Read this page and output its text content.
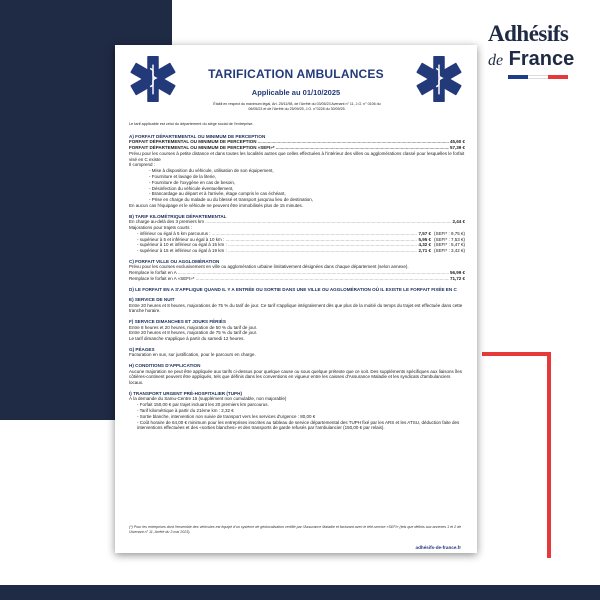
Adhésifs
de France
TARIFICATION AMBULANCES
Applicable au 01/10/2025
Établi en respect du maximum légal, Art. 25/11/98, de l'Arrêté du 03/05/23 Avenant n° 11, J.O. n° 0106 du 06/05/23 et de l'Arrêté du 25/09/25, J.O. n°0228 du 30/09/25.
Le tarif applicable est celui du département du siège social de l'entreprise.
A) FORFAIT DÉPARTEMENTAL OU MINIMUM DE PERCEPTION
FORFAIT DÉPARTEMENTAL OU MINIMUM DE PERCEPTION .....	45,60 €
FORFAIT DÉPARTEMENTAL OU MINIMUM DE PERCEPTION «SEFI»* .....	57,39 €

Prévu pour les courses à petite distance et dans toutes les localités autres que celles effectuées à l'intérieur des villes ou agglomérations classé pour lesquelles le forfait visé en C existe

Il comprend :

- Mise à disposition du véhicule, utilisation de son équipement,
- Fourniture et lavage de la literie,
- Fourniture de l'oxygène en cas de besoin,
- Désinfection du véhicule éventuellement,
- Brancardage au départ et à l'arrivée, étage compris le cas échéant,
- Prise en charge du malade ou du blessé et transport jusqu'au lieu de destination,

En aucun cas l'équipage et le véhicule ne peuvent être immobilisés plus de 15 minutes.

B) TARIF KILOMÉTRIQUE DÉPARTEMENTAL
En charge au-delà des 3 premiers km .....	2,44 €

Majorations pour trajets courts :

- inférieur ou égal à 5 km parcourus : .....	7,57 € (SEFI* : 9,75 €)
- supérieur à 5 et inférieur ou égal à 10 km : .....	5,95 € (SEFI* : 7,53 €)
- supérieur à 10 et inférieur ou égal à 15 km : .....	4,32 € (SEFI* : 5,47 €)
- supérieur à 15 et inférieur ou égal à 19 km : .....	2,71 € (SEFI* : 3,42 €)
C) FORFAIT VILLE OU AGGLOMÉRATION

Prévu pour les courses exclusivement en ville ou agglomération urbaine limitativement désignées dans chaque département (selon annexe).

Remplace le forfait en A .....	56,99 €
Remplace le forfait en A «SEFI»* .....	71,72 €
D) LE FORFAIT EN A S'APPLIQUE QUAND IL Y A ENTRÉE OU SORTIE DANS UNE VILLE OU AGGLOMÉRATION OÙ IL EXISTE LE FORFAIT FIXÉE EN C
E) SERVICE DE NUIT

Entre 20 heures et 8 heures, majorations de 75 % du tarif de jour. Ce tarif s'applique intégralement dès que plus de la moitié du temps du trajet est effectuée dans cette tranche horaire.

F) SERVICE DIMANCHES ET JOURS FÉRIÉS

Entre 8 heures et 20 heures, majoration de 50 % du tarif de jour.

Entre 20 heures et 8 heures, majoration de 75 % du tarif de jour.

Le tarif dimanche s'applique à partir du samedi 12 heures.

G) PÉAGES

Facturation en sus, sur justification, pour le parcours en charge.

H) CONDITIONS D'APPLICATION

Aucune majoration ne peut être appliquée aux tarifs ci-dessus pour quelque cause ou sous quelque prétexte que ce soit. Des suppléments spécifiques aux liaisons îles côtières-continent peuvent être appliqués, tels que définis dans les conventions en vigueur entre les caisses d'Assurance Maladie et les syndicats d'ambulanciers locaux.

I) TRANSPORT URGENT PRÉ-HOSPITALIER (TUPH)

À la demande du Samu-Centre 15 (supplément non cumulable, non majorable)

- Forfait 150,00 € par trajet incluant les 20 premiers km parcourus.
- Tarif kilométrique à partir du 21ème km : 2,32 €
- Sortie blanche, intervention non suivie de transport vers les services d'urgence : 80,00 €
- Coût horaire de 64,00 € minimum pour les entreprises inscrites au tableau de service départemental des TUPH fixé par les ARS et les ATSU, déduction faite des interventions effectuées et des «sorties blanches» et des transports de garde refusés par l'ambulancier (150,00 € par relais).
(*) Pour les entreprises dont l'ensemble des véhicules est équipé d'un système de géolocalisation certifié par l'Assurance Maladie et facturant avec le télé-service «SEFI» (tels que définis aux annexes 1 et 2 de l'Avenant n° 11, Arrêté du 3 mai 2023).
adhésifs-de-france.fr
